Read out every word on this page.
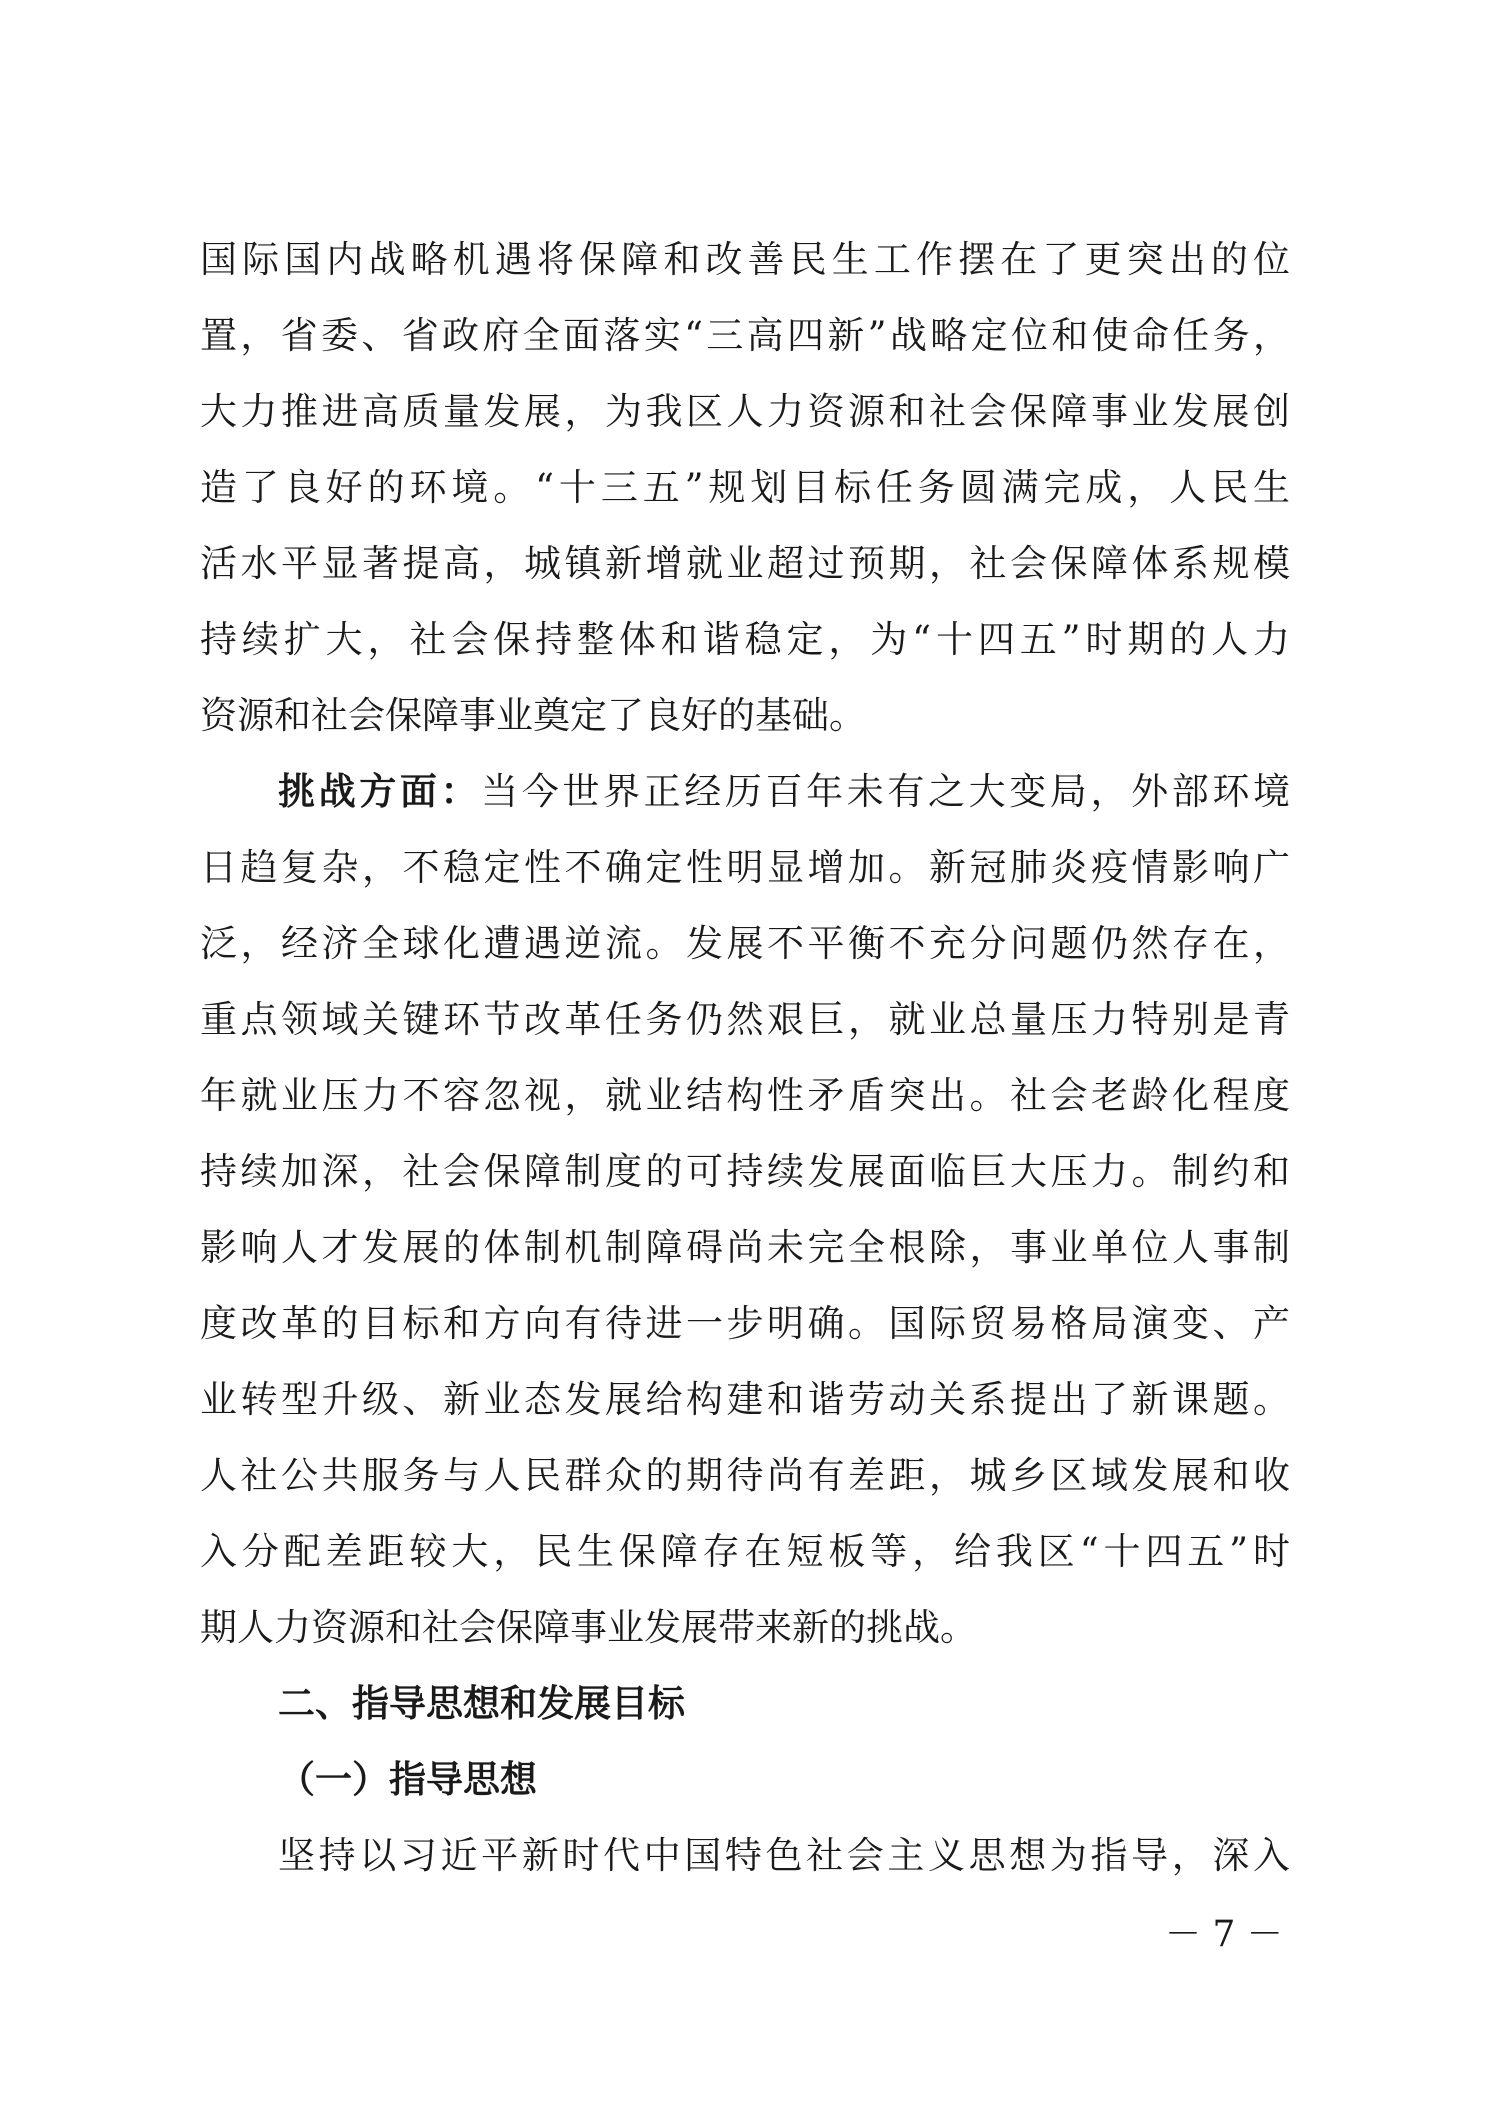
国际国内战略机遇将保障和改善民生工作摆在了更突出的位
置，省委、省政府全面落实“三高四新”战略定位和使命任务，
大力推进高质量发展，为我区人力资源和社会保障事业发展创
造了良好的环境。“十三五”规划目标任务圆满完成，人民生
活水平显著提高，城镇新增就业超过预期，社会保障体系规模
持续扩大，社会保持整体和谐稳定，为“十四五”时期的人力
资源和社会保障事业奠定了良好的基础。
挑战方面：当今世界正经历百年未有之大变局，外部环境
日趋复杂，不稳定性不确定性明显增加。新冠肺炎疫情影响广
泛，经济全球化遭遇逆流。发展不平衡不充分问题仍然存在，
重点领域关键环节改革任务仍然艰巨，就业总量压力特别是青
年就业压力不容忽视，就业结构性矛盾突出。社会老龄化程度
持续加深，社会保障制度的可持续发展面临巨大压力。制约和
影响人才发展的体制机制障碍尚未完全根除，事业单位人事制
度改革的目标和方向有待进一步明确。国际贸易格局演变、产
业转型升级、新业态发展给构建和谐劳动关系提出了新课题。
人社公共服务与人民群众的期待尚有差距，城乡区域发展和收
入分配差距较大，民生保障存在短板等，给我区“十四五”时
期人力资源和社会保障事业发展带来新的挑战。
二、指导思想和发展目标
（一）指导思想
坚持以习近平新时代中国特色社会主义思想为指导，深入
－ 7 －
